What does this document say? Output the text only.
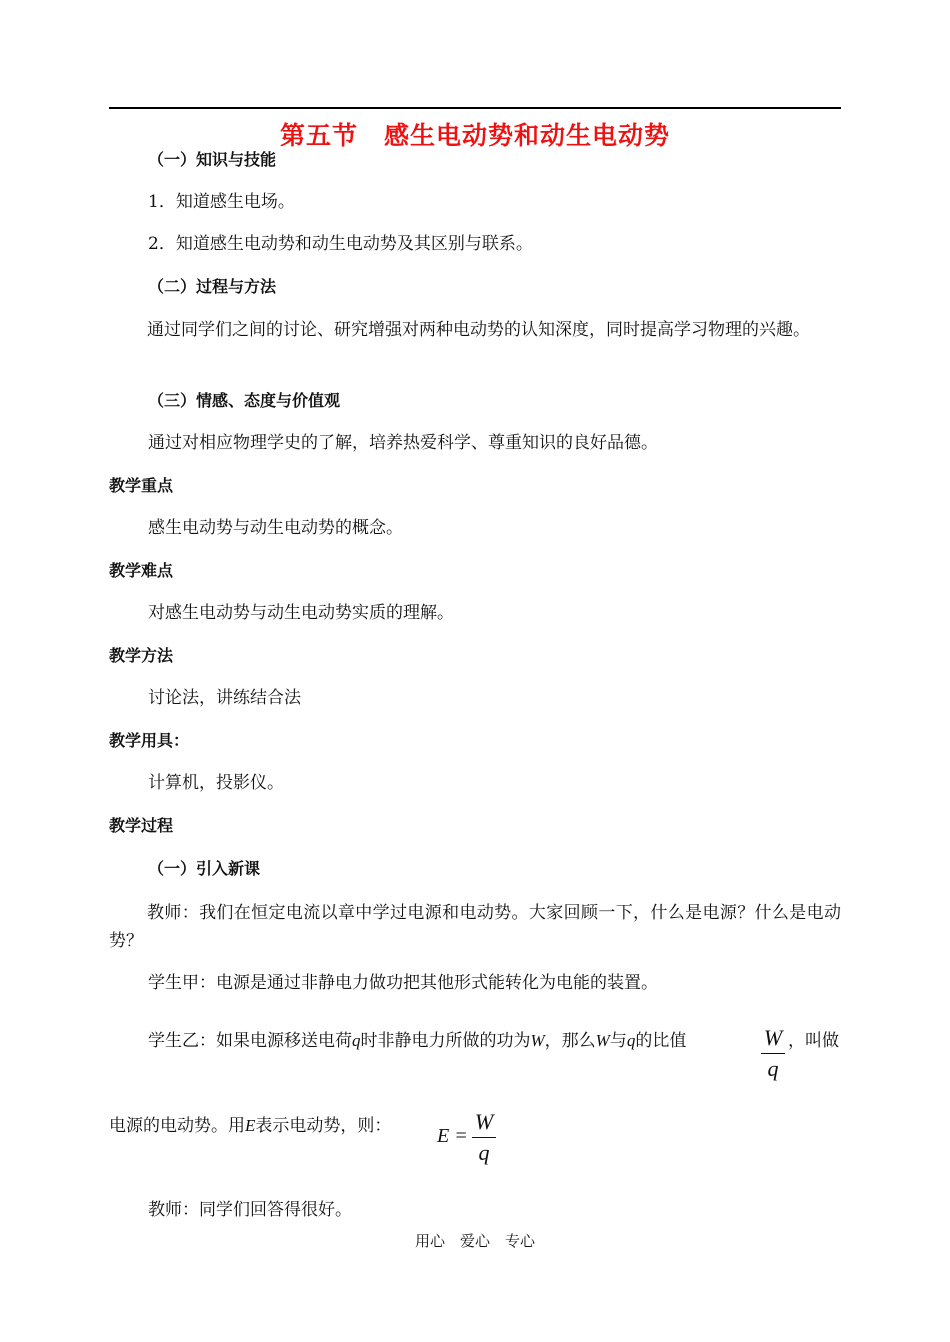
第五节　感生电动势和动生电动势
（一）知识与技能
1．知道感生电场。
2．知道感生电动势和动生电动势及其区别与联系。
（二）过程与方法
通过同学们之间的讨论、研究增强对两种电动势的认知深度，同时提高学习物理的兴趣。
（三）情感、态度与价值观
通过对相应物理学史的了解，培养热爱科学、尊重知识的良好品德。
教学重点
感生电动势与动生电动势的概念。
教学难点
对感生电动势与动生电动势实质的理解。
教学方法
讨论法，讲练结合法
教学用具：
计算机，投影仪。
教学过程
（一）引入新课
教师：我们在恒定电流以章中学过电源和电动势。大家回顾一下，什么是电源？什么是电动势？
学生甲：电源是通过非静电力做功把其他形式能转化为电能的装置。
学生乙：如果电源移送电荷q时非静电力所做的功为W，那么W与q的比值	W
q
，叫做
电源的电动势。用E表示电动势，则： E =
W
q
教师：同学们回答得很好。
用心　爱心　专心
